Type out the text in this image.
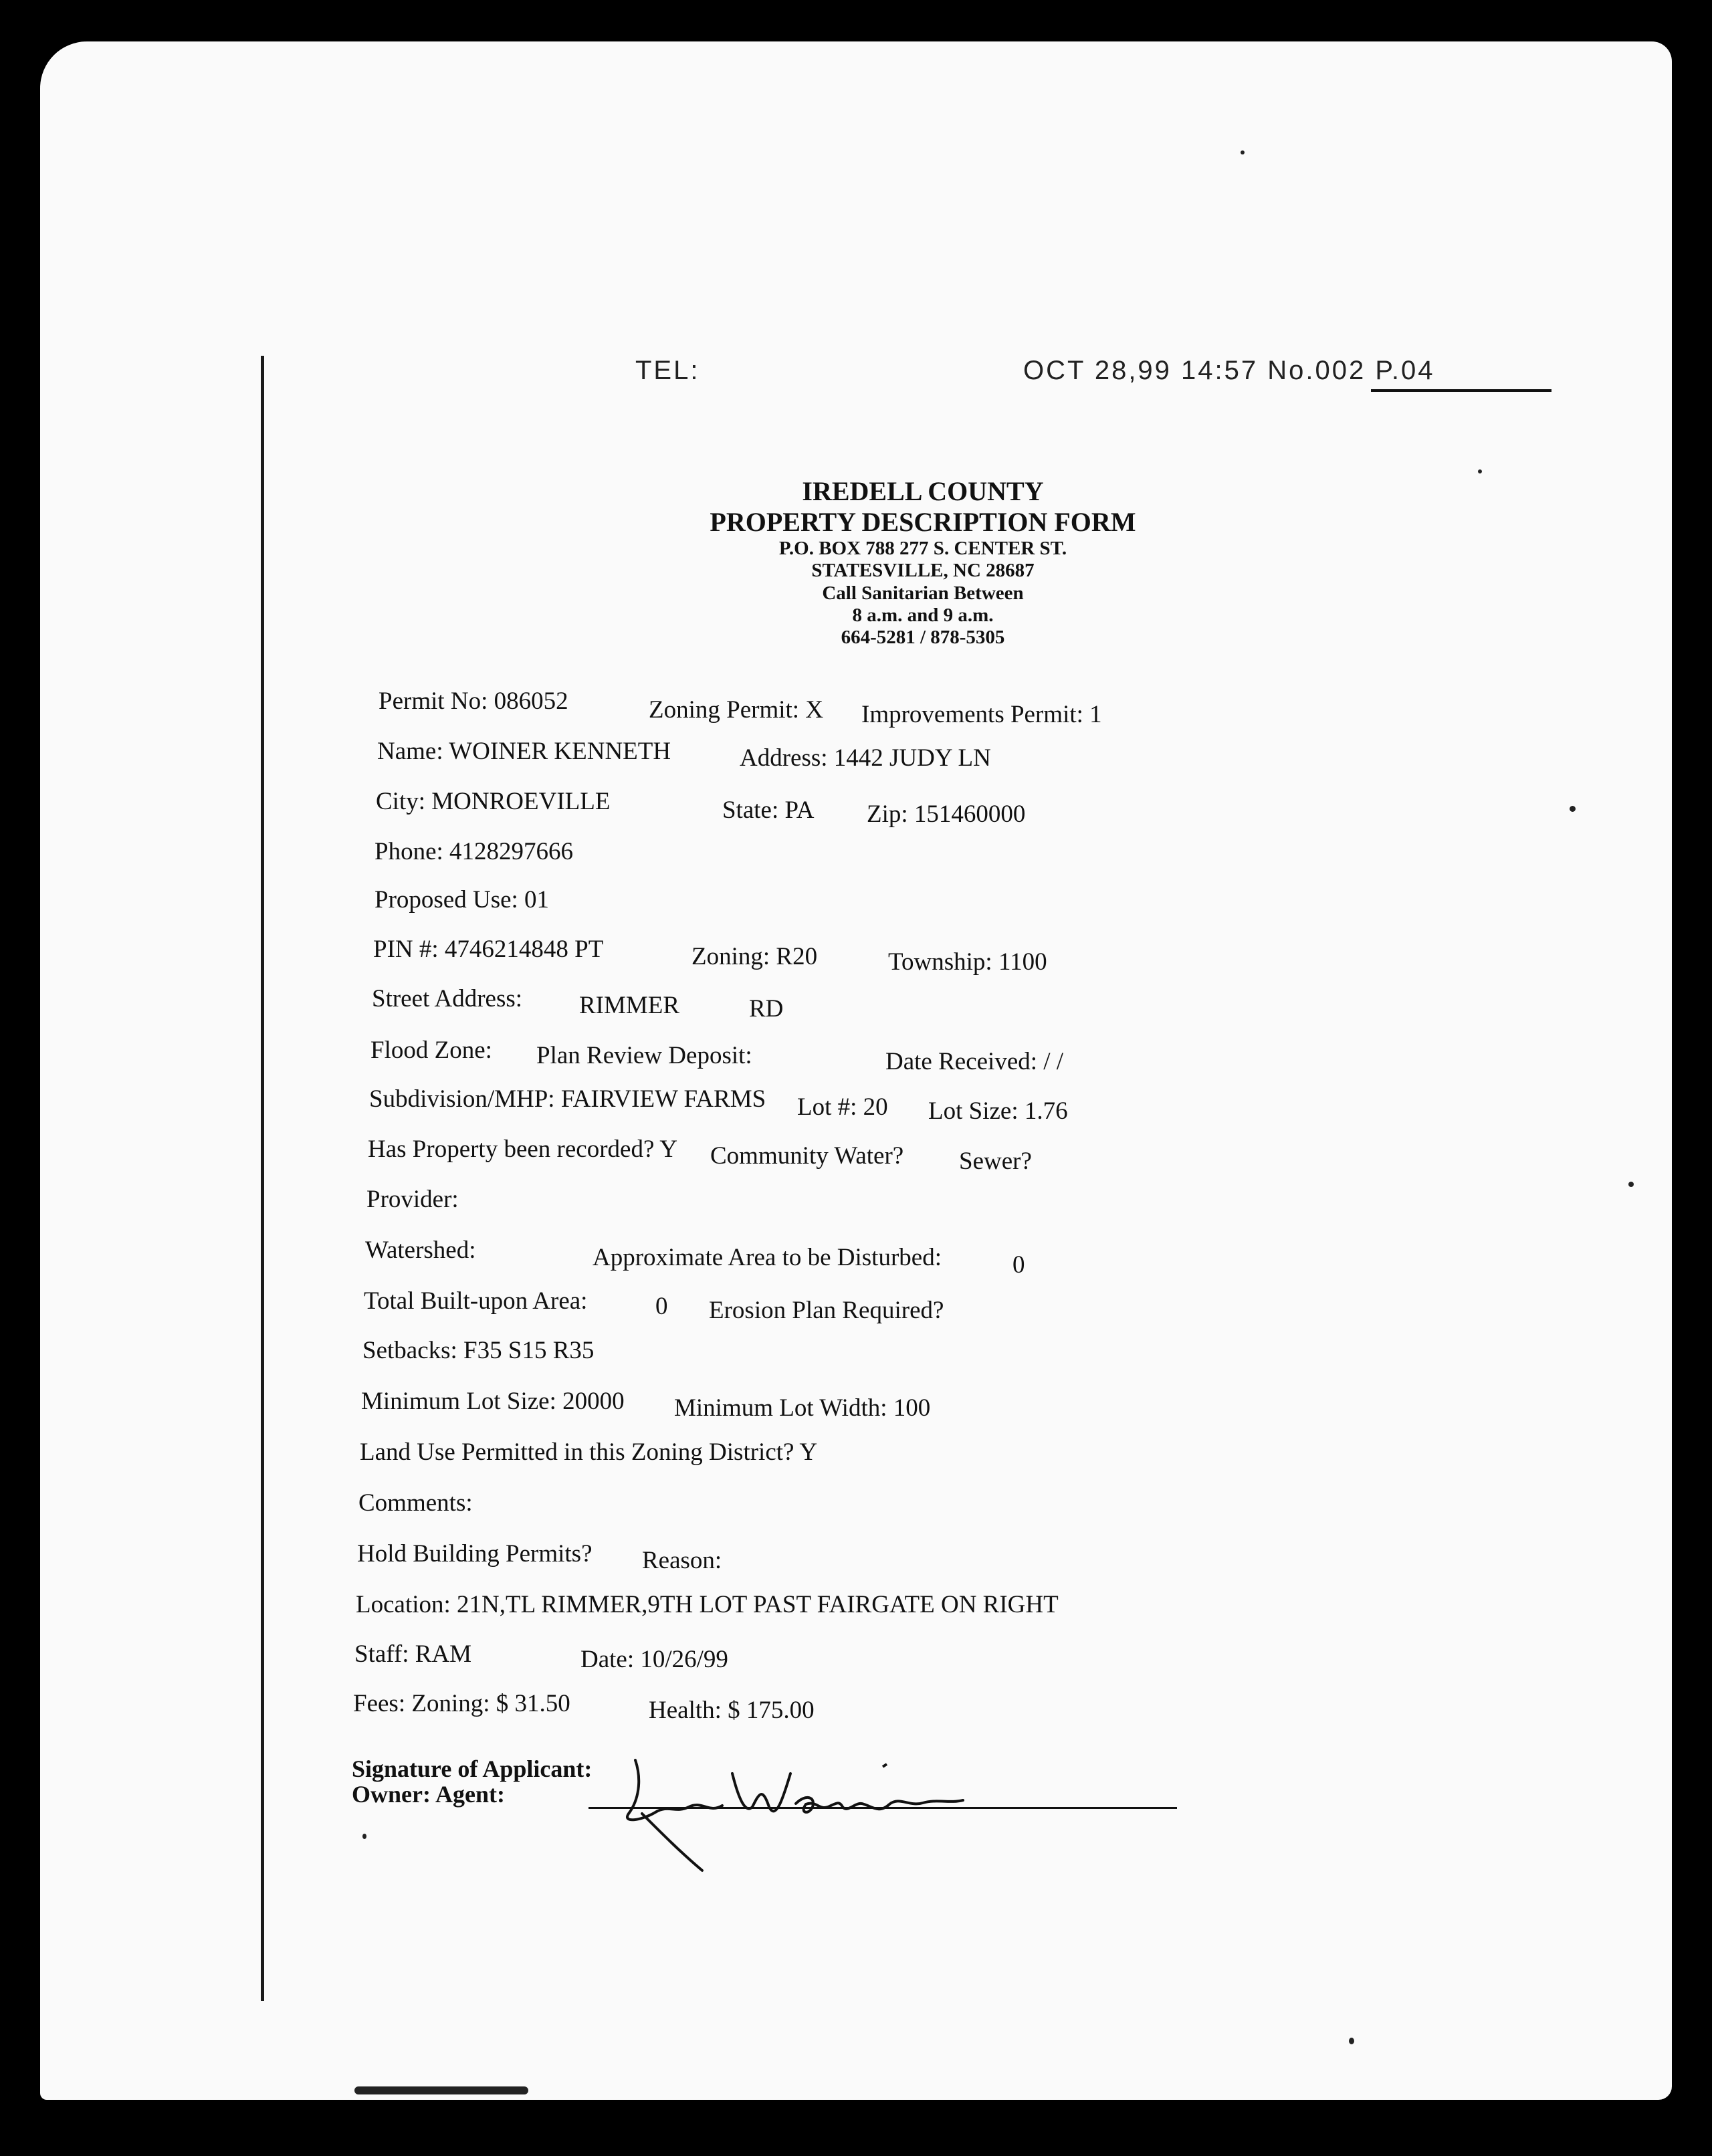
TEL:	OCT 28,99 14:57 No.002 P.04
IREDELL COUNTY
PROPERTY DESCRIPTION FORM
P.O. BOX 788 277 S. CENTER ST.
STATESVILLE, NC 28687
Call Sanitarian Between
8 a.m. and 9 a.m.
664-5281 / 878-5305
Permit No: 086052	Zoning Permit: X Improvements Permit: 1
Name: WOINER KENNETH	Address: 1442 JUDY LN
City: MONROEVILLE	State: PA Zip: 151460000
Phone: 4128297666
Proposed Use: 01
PIN #: 4746214848 PT	Zoning: R20	Township: 1100
Street Address: RIMMER	RD
Flood Zone: Plan Review Deposit:	Date Received: / /
Subdivision/MHP: FAIRVIEW FARMS Lot #: 20 Lot Size: 1.76
Has Property been recorded? Y Community Water? Sewer?
Provider:
Watershed:	Approximate Area to be Disturbed:	0
Total Built-upon Area:	0 Erosion Plan Required?
Setbacks: F35 S15 R35
Minimum Lot Size: 20000 Minimum Lot Width: 100
Land Use Permitted in this Zoning District? Y
Comments:
Hold Building Permits? Reason:
Location: 21N,TL RIMMER,9TH LOT PAST FAIRGATE ON RIGHT
Staff: RAM	Date: 10/26/99
Fees: Zoning: $ 31.50	Health: $ 175.00
Signature of Applicant:
Owner: Agent:
